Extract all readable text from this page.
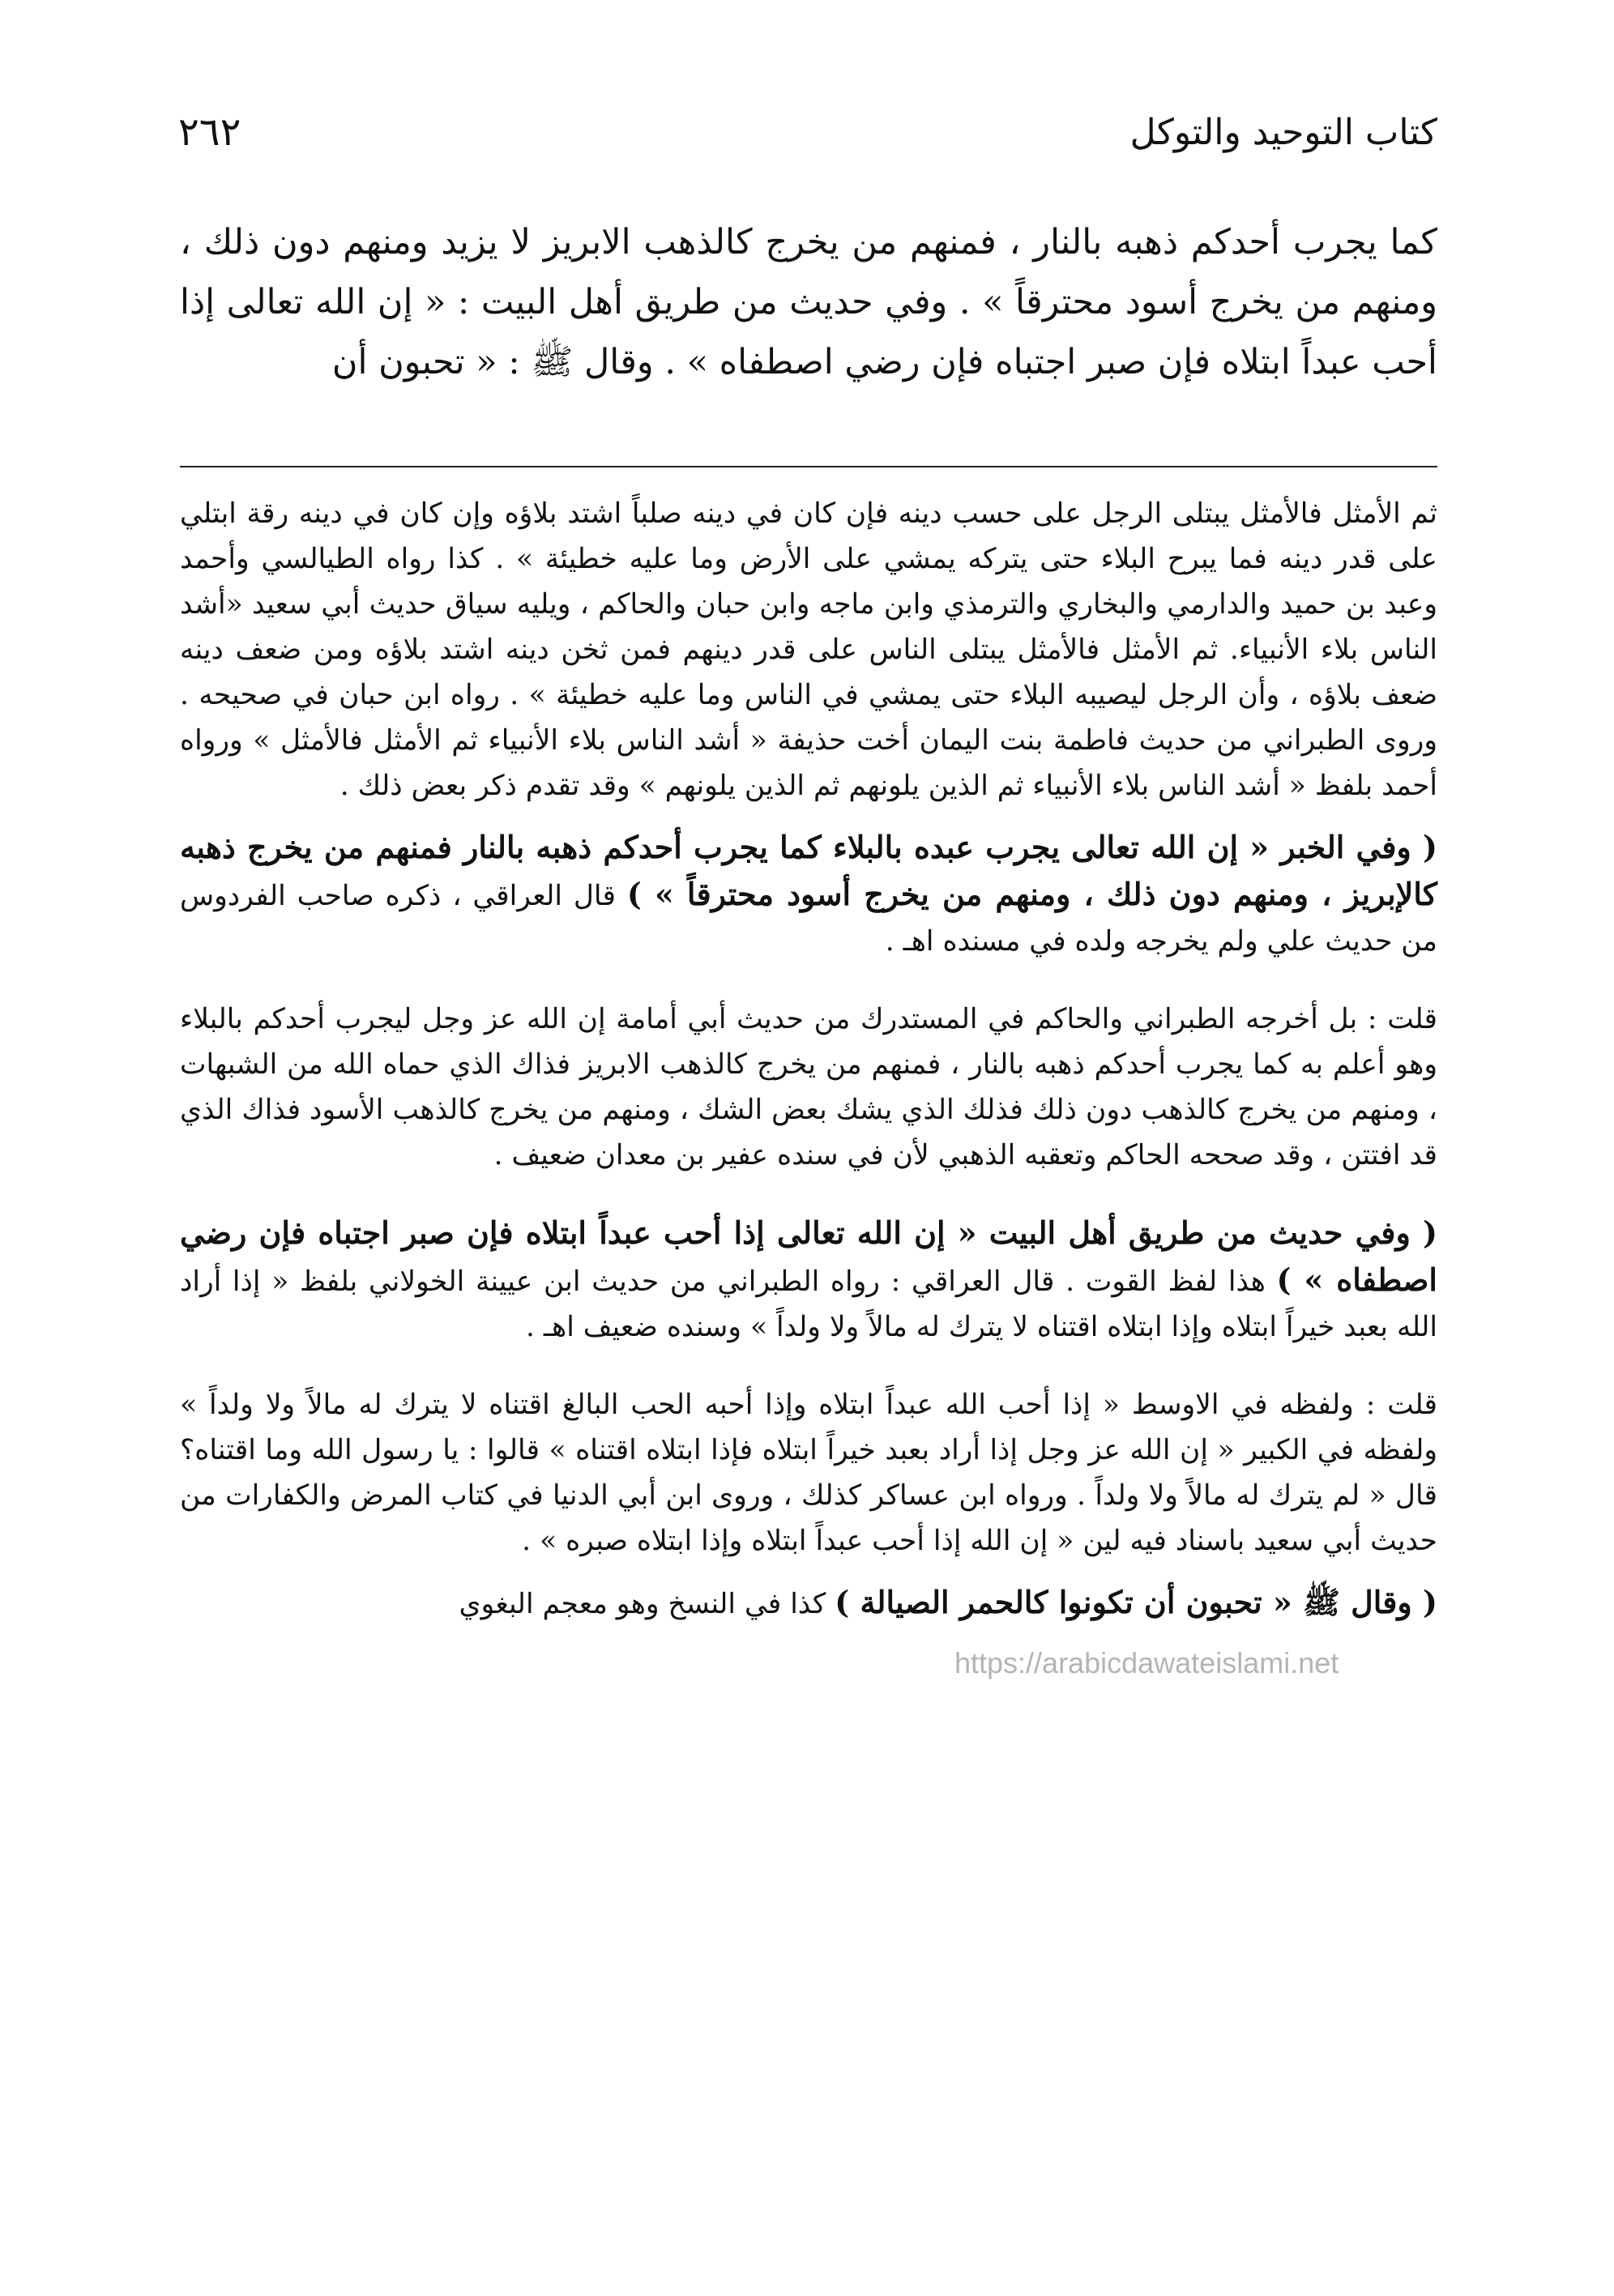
٢٦٢	كتاب التوحيد والتوكل
كما يجرب أحدكم ذهبه بالنار ، فمنهم من يخرج كالذهب الابريز لا يزيد ومنهم دون ذلك ، ومنهم من يخرج أسود محترقاً » . وفي حديث من طريق أهل البيت : « إن الله تعالى إذا أحب عبداً ابتلاه فإن صبر اجتباه فإن رضي اصطفاه » . وقال ﷺ : « تحبون أن

ثم الأمثل فالأمثل يبتلى الرجل على حسب دينه فإن كان في دينه صلباً اشتد بلاؤه وإن كان في دينه رقة ابتلي على قدر دينه فما يبرح البلاء حتى يتركه يمشي على الأرض وما عليه خطيئة » . كذا رواه الطيالسي وأحمد وعبد بن حميد والدارمي والبخاري والترمذي وابن ماجه وابن حبان والحاكم ، ويليه سياق حديث أبي سعيد «أشد الناس بلاء الأنبياء. ثم الأمثل فالأمثل يبتلى الناس على قدر دينهم فمن ثخن دينه اشتد بلاؤه ومن ضعف دينه ضعف بلاؤه ، وأن الرجل ليصيبه البلاء حتى يمشي في الناس وما عليه خطيئة » . رواه ابن حبان في صحيحه . وروى الطبراني من حديث فاطمة بنت اليمان أخت حذيفة « أشد الناس بلاء الأنبياء ثم الأمثل فالأمثل » ورواه أحمد بلفظ « أشد الناس بلاء الأنبياء ثم الذين يلونهم ثم الذين يلونهم » وقد تقدم ذكر بعض ذلك .

( وفي الخبر « إن الله تعالى يجرب عبده بالبلاء كما يجرب أحدكم ذهبه بالنار فمنهم من يخرج ذهبه كالإبريز ، ومنهم دون ذلك ، ومنهم من يخرج أسود محترقاً » ) قال العراقي ، ذكره صاحب الفردوس من حديث علي ولم يخرجه ولده في مسنده اهـ .

قلت : بل أخرجه الطبراني والحاكم في المستدرك من حديث أبي أمامة إن الله عز وجل ليجرب أحدكم بالبلاء وهو أعلم به كما يجرب أحدكم ذهبه بالنار ، فمنهم من يخرج كالذهب الابريز فذاك الذي حماه الله من الشبهات ، ومنهم من يخرج كالذهب دون ذلك فذلك الذي يشك بعض الشك ، ومنهم من يخرج كالذهب الأسود فذاك الذي قد افتتن ، وقد صححه الحاكم وتعقبه الذهبي لأن في سنده عفير بن معدان ضعيف .

( وفي حديث من طريق أهل البيت « إن الله تعالى إذا أحب عبداً ابتلاه فإن صبر اجتباه فإن رضي اصطفاه » ) هذا لفظ القوت . قال العراقي : رواه الطبراني من حديث ابن عيينة الخولاني بلفظ « إذا أراد الله بعبد خيراً ابتلاه وإذا ابتلاه اقتناه لا يترك له مالاً ولا ولداً » وسنده ضعيف اهـ .

قلت : ولفظه في الاوسط « إذا أحب الله عبداً ابتلاه وإذا أحبه الحب البالغ اقتناه لا يترك له مالاً ولا ولداً » ولفظه في الكبير « إن الله عز وجل إذا أراد بعبد خيراً ابتلاه فإذا ابتلاه اقتناه » قالوا : يا رسول الله وما اقتناه؟ قال « لم يترك له مالاً ولا ولداً . ورواه ابن عساكر كذلك ، وروى ابن أبي الدنيا في كتاب المرض والكفارات من حديث أبي سعيد باسناد فيه لين « إن الله إذا أحب عبداً ابتلاه وإذا ابتلاه صبره » .

( وقال ﷺ « تحبون أن تكونوا كالحمر الصيالة ) كذا في النسخ وهو معجم البغوي

https://arabicdawateislami.net
